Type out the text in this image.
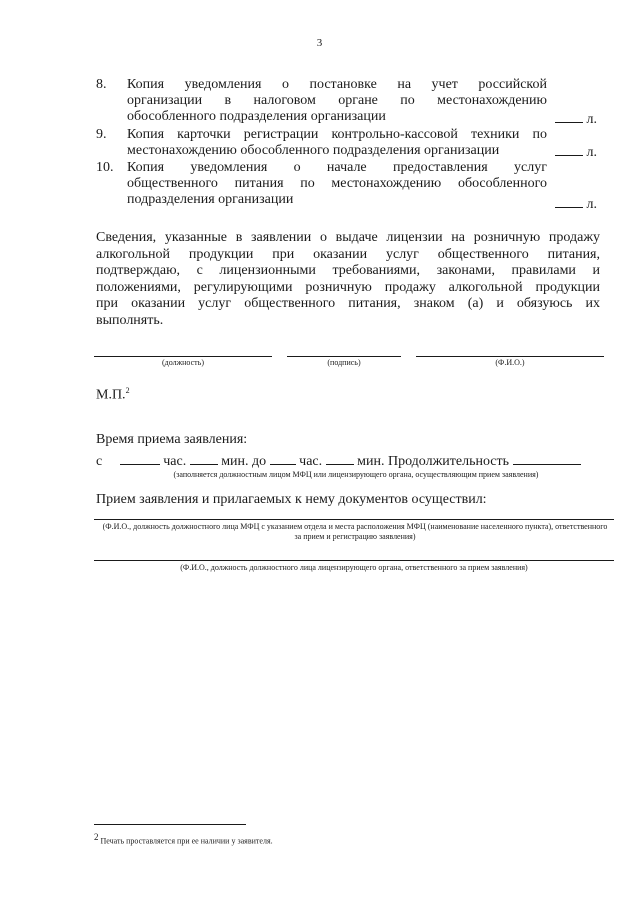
3
8. Копия уведомления о постановке на учет российской
организации в налоговом органе по местонахождению
обособленного подразделения организации	л.
9. Копия карточки регистрации контрольно-кассовой техники по
местонахождению обособленного подразделения организации	л.
10. Копия уведомления о начале предоставления услуг
общественного питания по местонахождению обособленного
подразделения организации	л.
Сведения, указанные в заявлении о выдаче лицензии на розничную продажу
алкогольной продукции при оказании услуг общественного питания,
подтверждаю, с лицензионными требованиями, законами, правилами и
положениями, регулирующими розничную продажу алкогольной продукции
при оказании услуг общественного питания, знаком (а) и обязуюсь их
выполнять.
(должность)	(подпись)	(Ф.И.О.)
М.П.$^2$
Время приема заявления:
с	час.	мин. до час.	мин. Продолжительность
(заполняется должностным лицом МФЦ или лицензирующего органа, осуществляющим прием заявления)
Прием заявления и прилагаемых к нему документов осуществил:
(Ф.И.О., должность должностного лица МФЦ с указанием отдела и места расположения МФЦ (наименование населенного пункта), ответственного за прием и регистрацию заявления)
(Ф.И.О., должность должностного лица лицензирующего органа, ответственного за прием заявления)
$^2$ Печать проставляется при ее наличии у заявителя.
